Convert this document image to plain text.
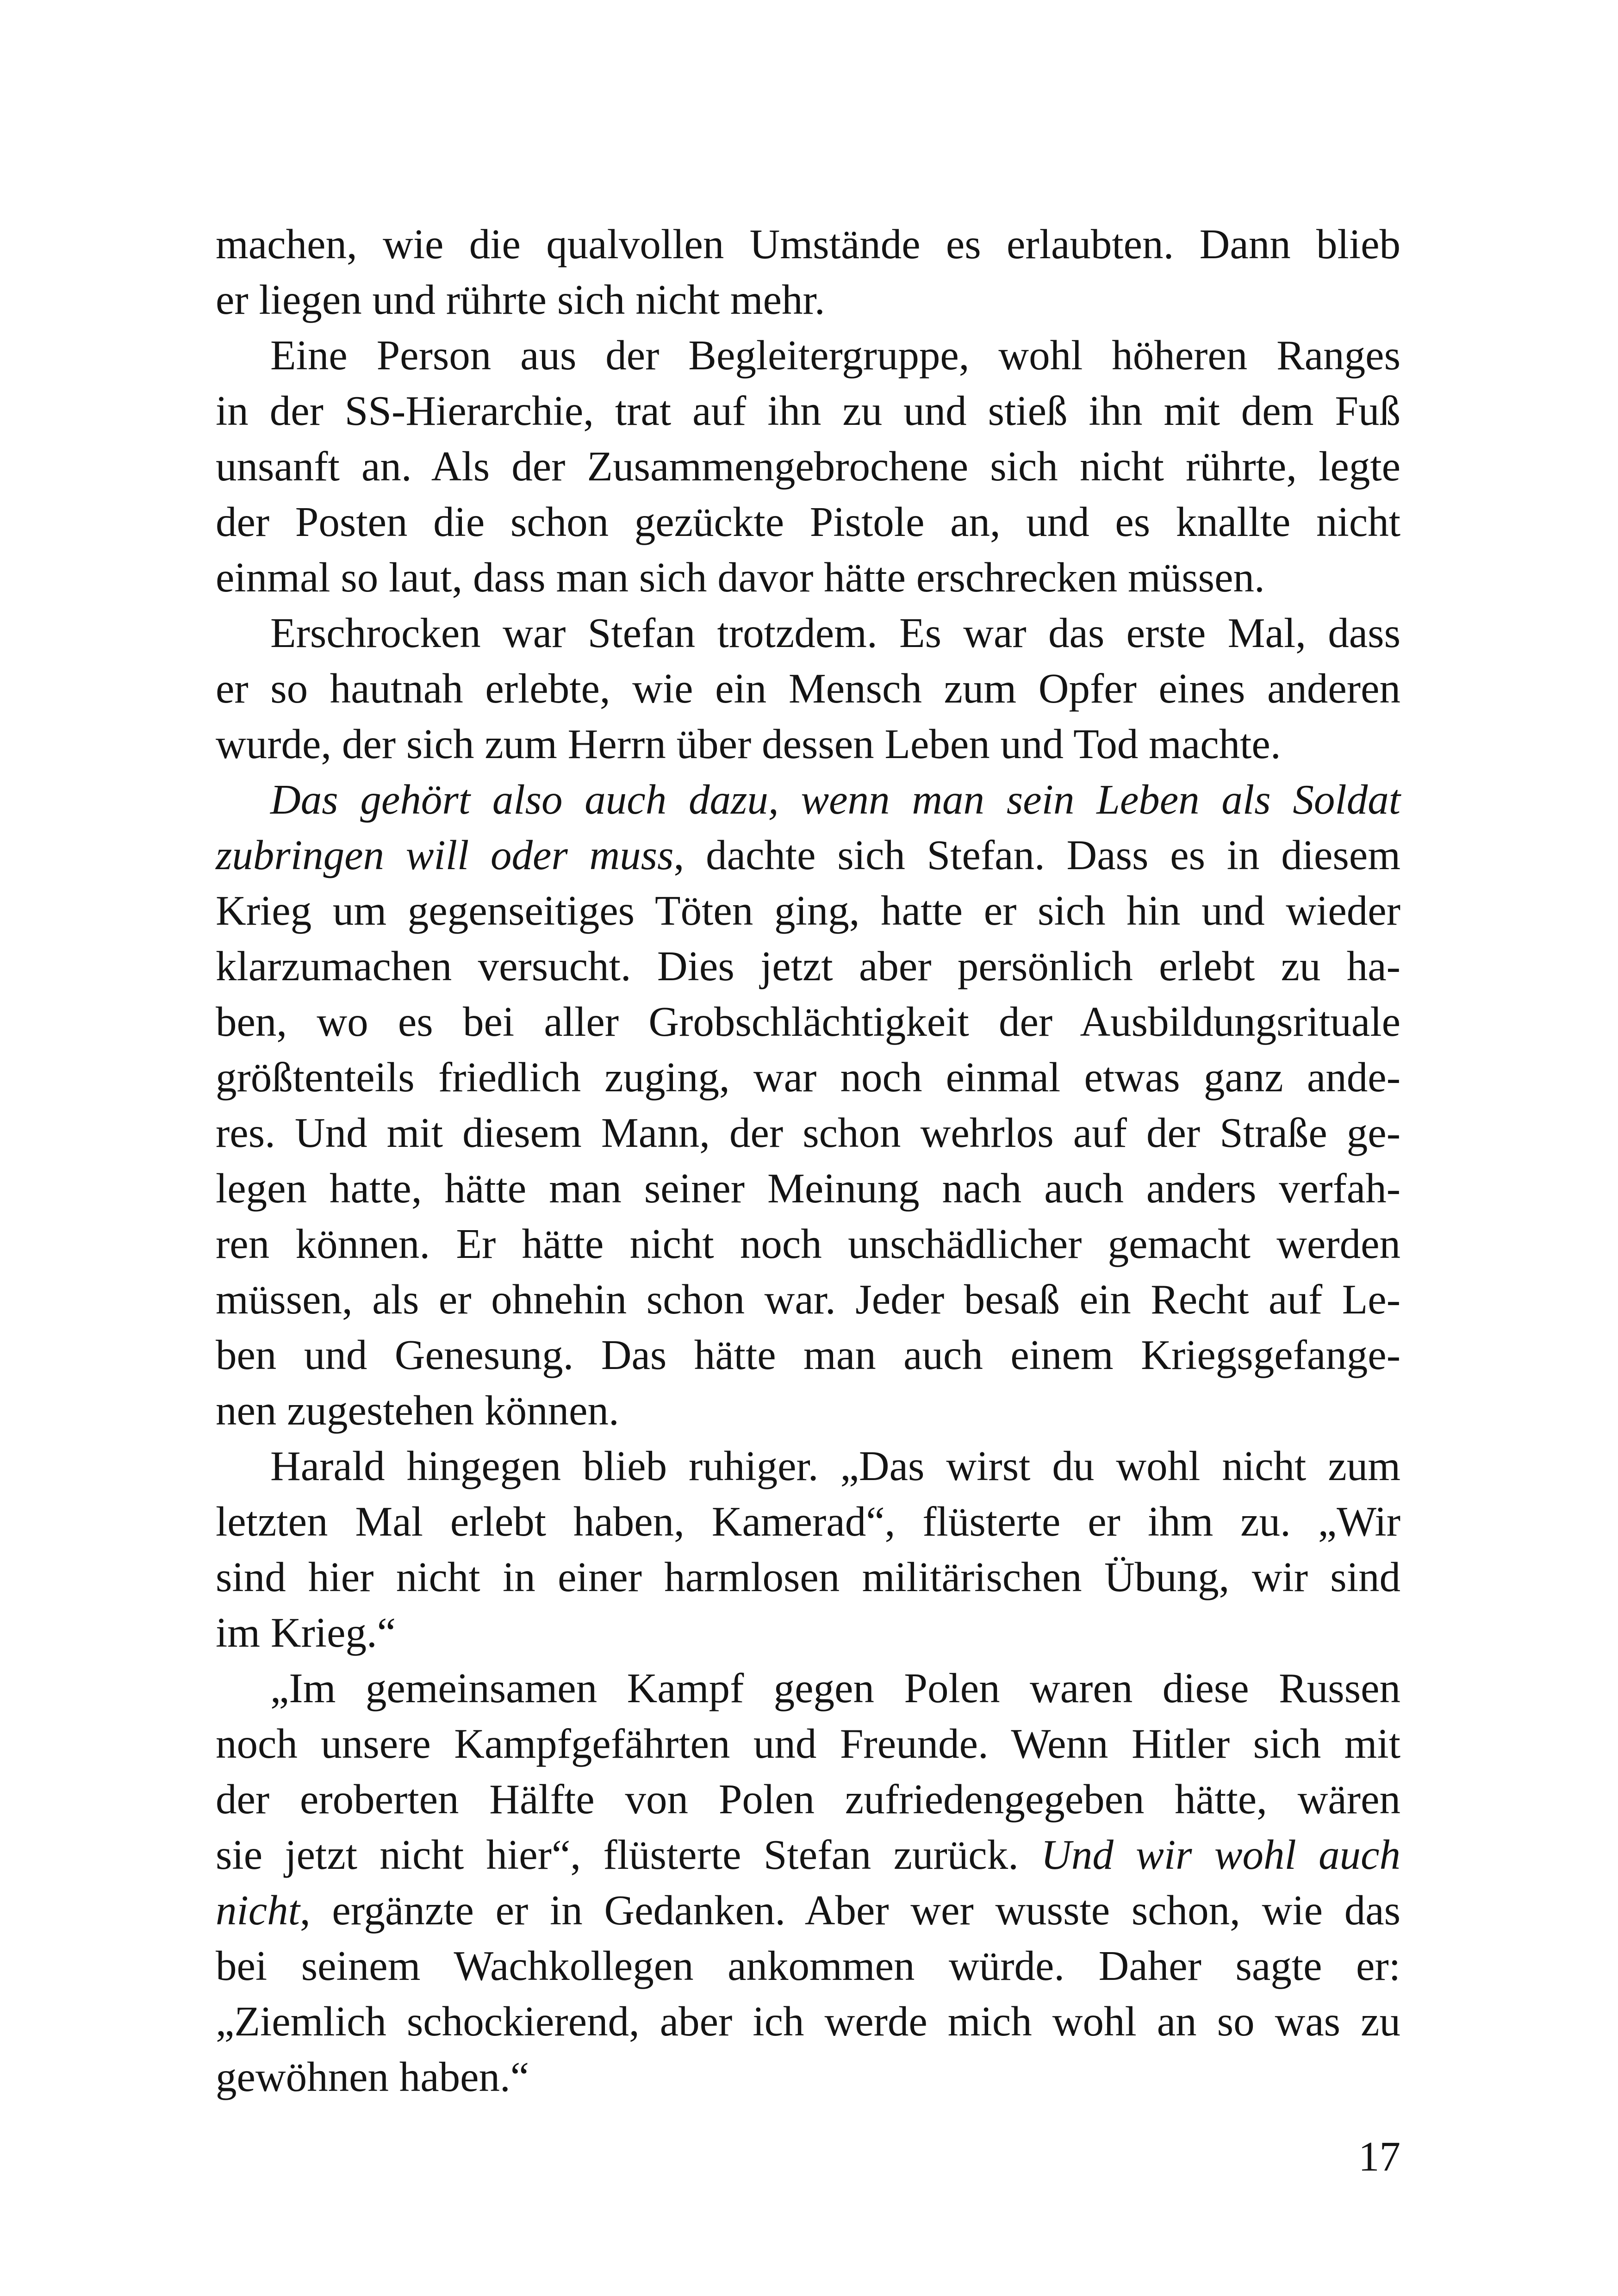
machen, wie die qualvollen Umstände es erlaubten. Dann blieb
er liegen und rührte sich nicht mehr.
Eine Person aus der Begleitergruppe, wohl höheren Ranges
in der SS-Hierarchie, trat auf ihn zu und stieß ihn mit dem Fuß
unsanft an. Als der Zusammengebrochene sich nicht rührte, legte
der Posten die schon gezückte Pistole an, und es knallte nicht
einmal so laut, dass man sich davor hätte erschrecken müssen.
Erschrocken war Stefan trotzdem. Es war das erste Mal, dass
er so hautnah erlebte, wie ein Mensch zum Opfer eines anderen
wurde, der sich zum Herrn über dessen Leben und Tod machte.
Das gehört also auch dazu, wenn man sein Leben als Soldat
zubringen will oder muss, dachte sich Stefan. Dass es in diesem
Krieg um gegenseitiges Töten ging, hatte er sich hin und wieder
klarzumachen versucht. Dies jetzt aber persönlich erlebt zu ha-
ben, wo es bei aller Grobschlächtigkeit der Ausbildungsrituale
größtenteils friedlich zuging, war noch einmal etwas ganz ande-
res. Und mit diesem Mann, der schon wehrlos auf der Straße ge-
legen hatte, hätte man seiner Meinung nach auch anders verfah-
ren können. Er hätte nicht noch unschädlicher gemacht werden
müssen, als er ohnehin schon war. Jeder besaß ein Recht auf Le-
ben und Genesung. Das hätte man auch einem Kriegsgefange-
nen zugestehen können.
Harald hingegen blieb ruhiger. „Das wirst du wohl nicht zum
letzten Mal erlebt haben, Kamerad“, flüsterte er ihm zu. „Wir
sind hier nicht in einer harmlosen militärischen Übung, wir sind
im Krieg.“
„Im gemeinsamen Kampf gegen Polen waren diese Russen
noch unsere Kampfgefährten und Freunde. Wenn Hitler sich mit
der eroberten Hälfte von Polen zufriedengegeben hätte, wären
sie jetzt nicht hier“, flüsterte Stefan zurück. Und wir wohl auch
nicht, ergänzte er in Gedanken. Aber wer wusste schon, wie das
bei seinem Wachkollegen ankommen würde. Daher sagte er:
„Ziemlich schockierend, aber ich werde mich wohl an so was zu
gewöhnen haben.“
17
